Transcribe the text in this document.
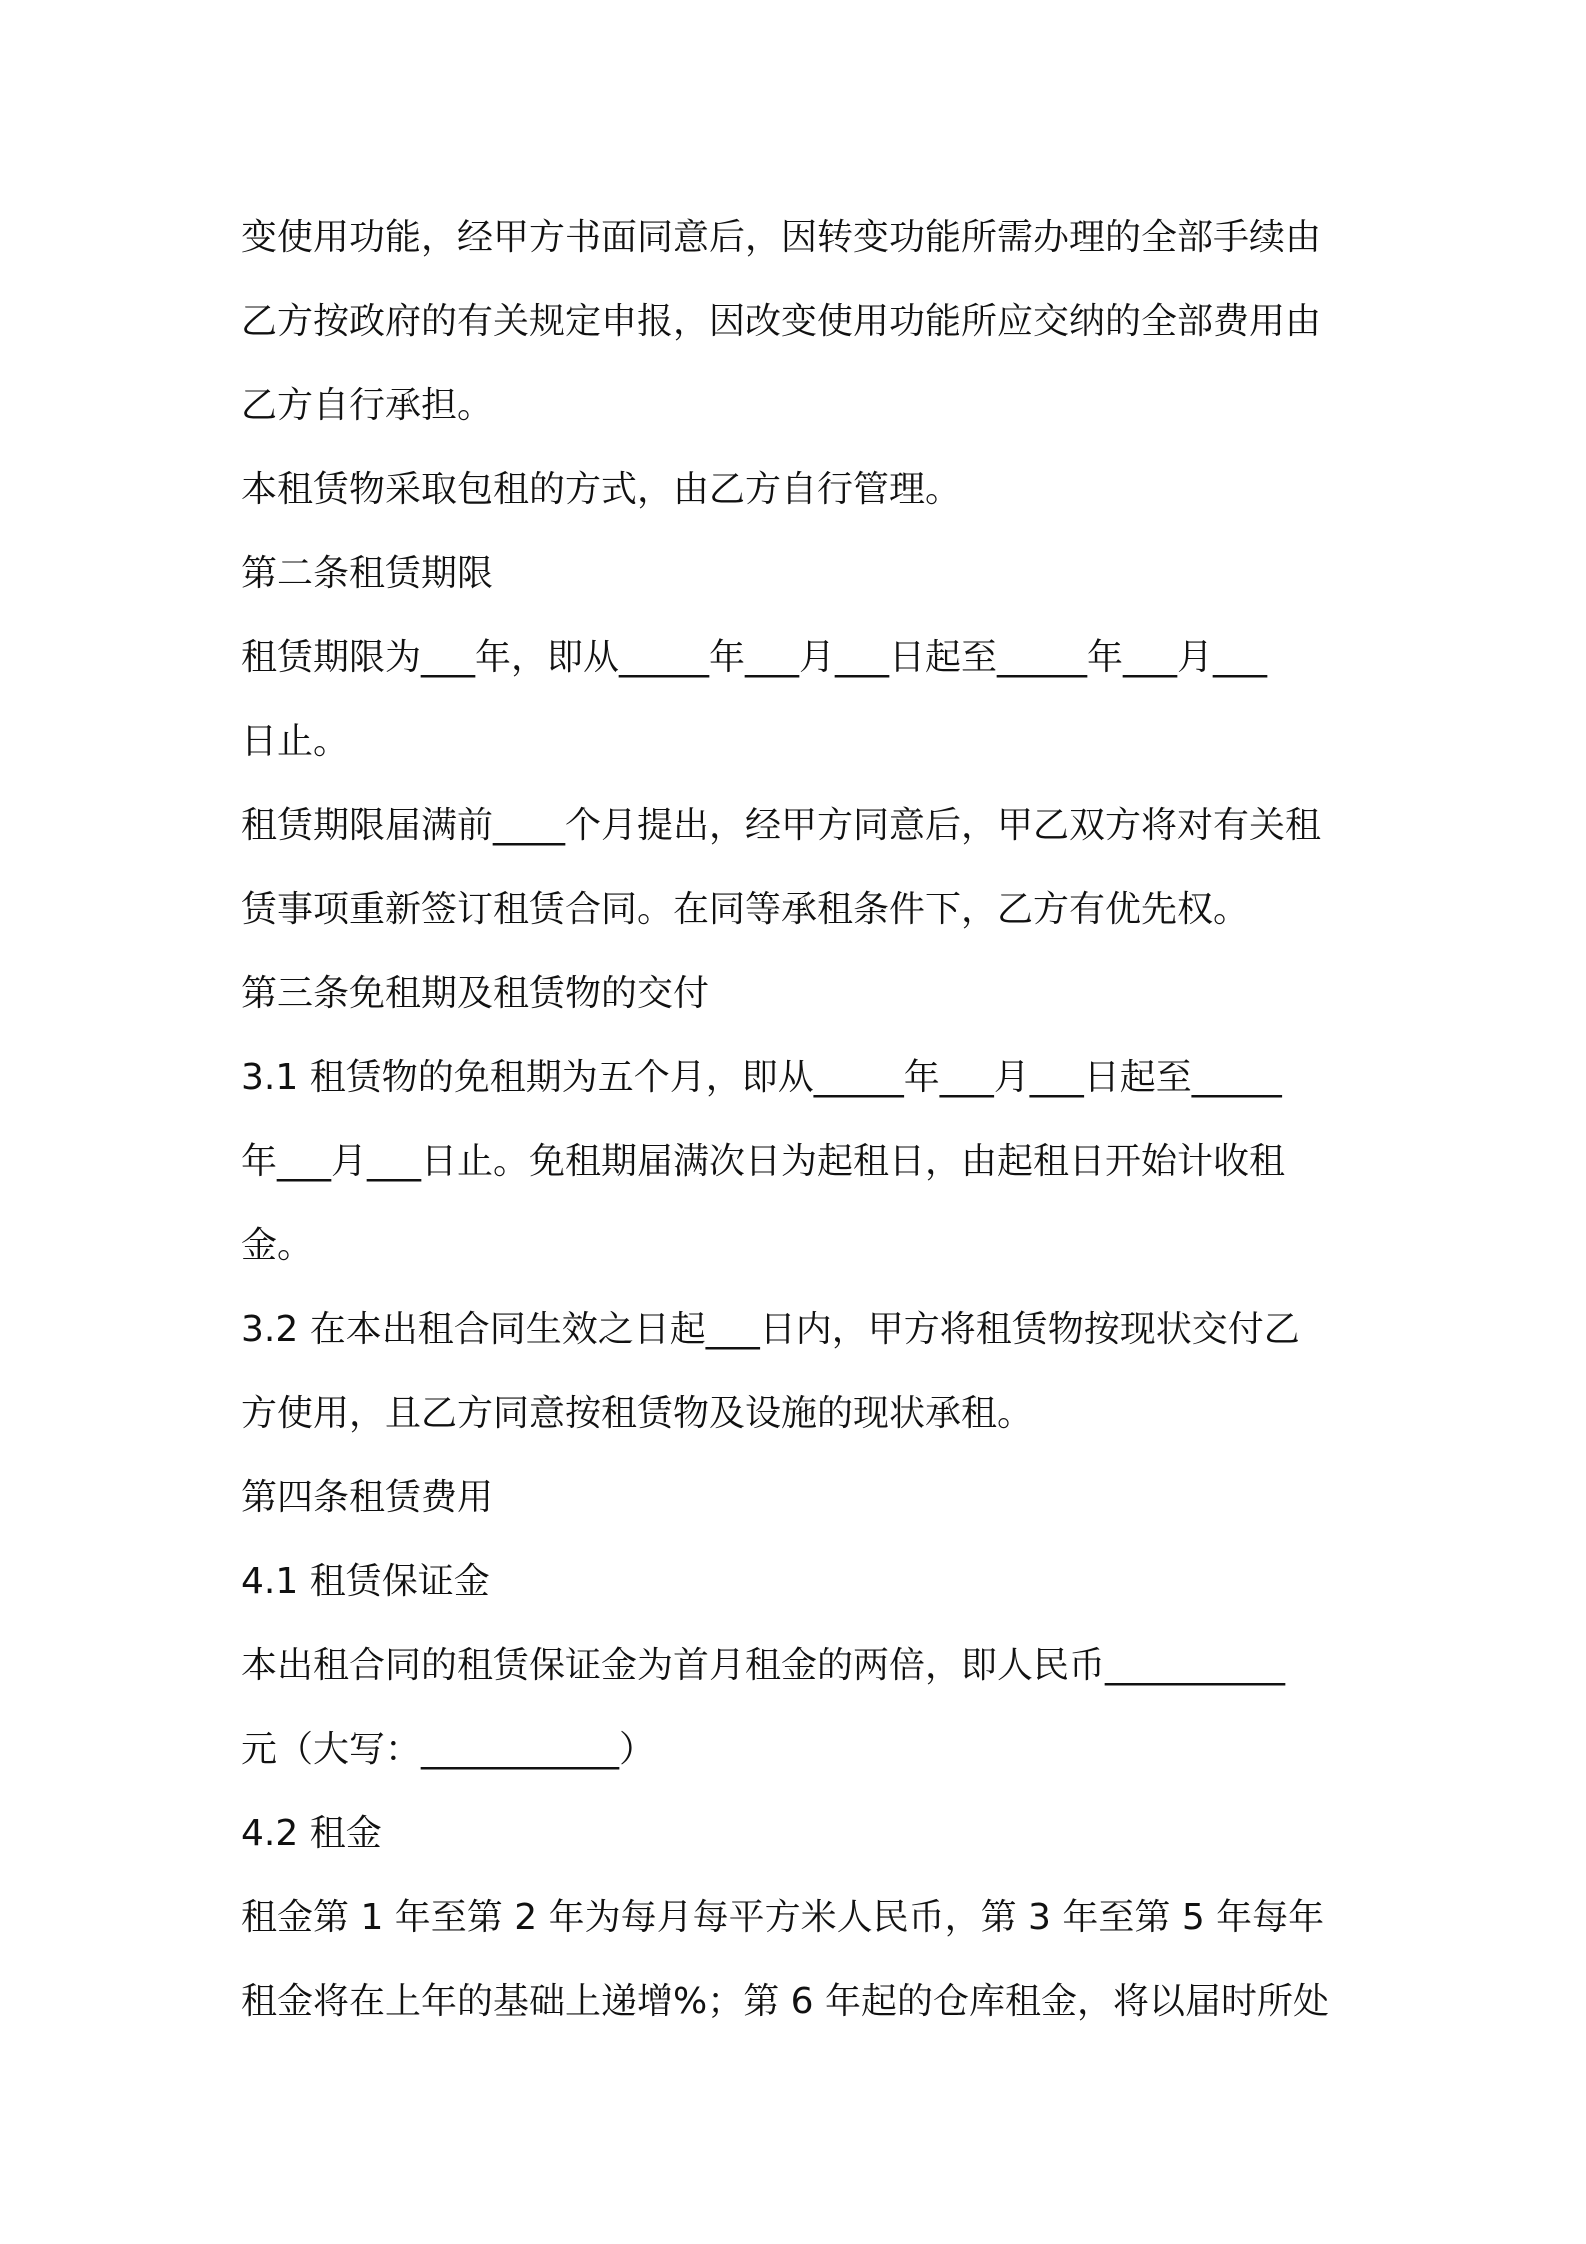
变使用功能，经甲方书面同意后，因转变功能所需办理的全部手续由
乙方按政府的有关规定申报，因改变使用功能所应交纳的全部费用由
乙方自行承担。
本租赁物采取包租的方式，由乙方自行管理。
第二条租赁期限
租赁期限为___年，即从_____年___月___日起至_____年___月___
日止。
租赁期限届满前____个月提出，经甲方同意后，甲乙双方将对有关租
赁事项重新签订租赁合同。在同等承租条件下，乙方有优先权。
第三条免租期及租赁物的交付
3.1 租赁物的免租期为五个月，即从_____年___月___日起至_____
年___月___日止。免租期届满次日为起租日，由起租日开始计收租
金。
3.2 在本出租合同生效之日起___日内，甲方将租赁物按现状交付乙
方使用，且乙方同意按租赁物及设施的现状承租。
第四条租赁费用
4.1 租赁保证金
本出租合同的租赁保证金为首月租金的两倍，即人民币__________
元（大写：___________）
4.2 租金
租金第 1 年至第 2 年为每月每平方米人民币，第 3 年至第 5 年每年
租金将在上年的基础上递增%；第 6 年起的仓库租金，将以届时所处
